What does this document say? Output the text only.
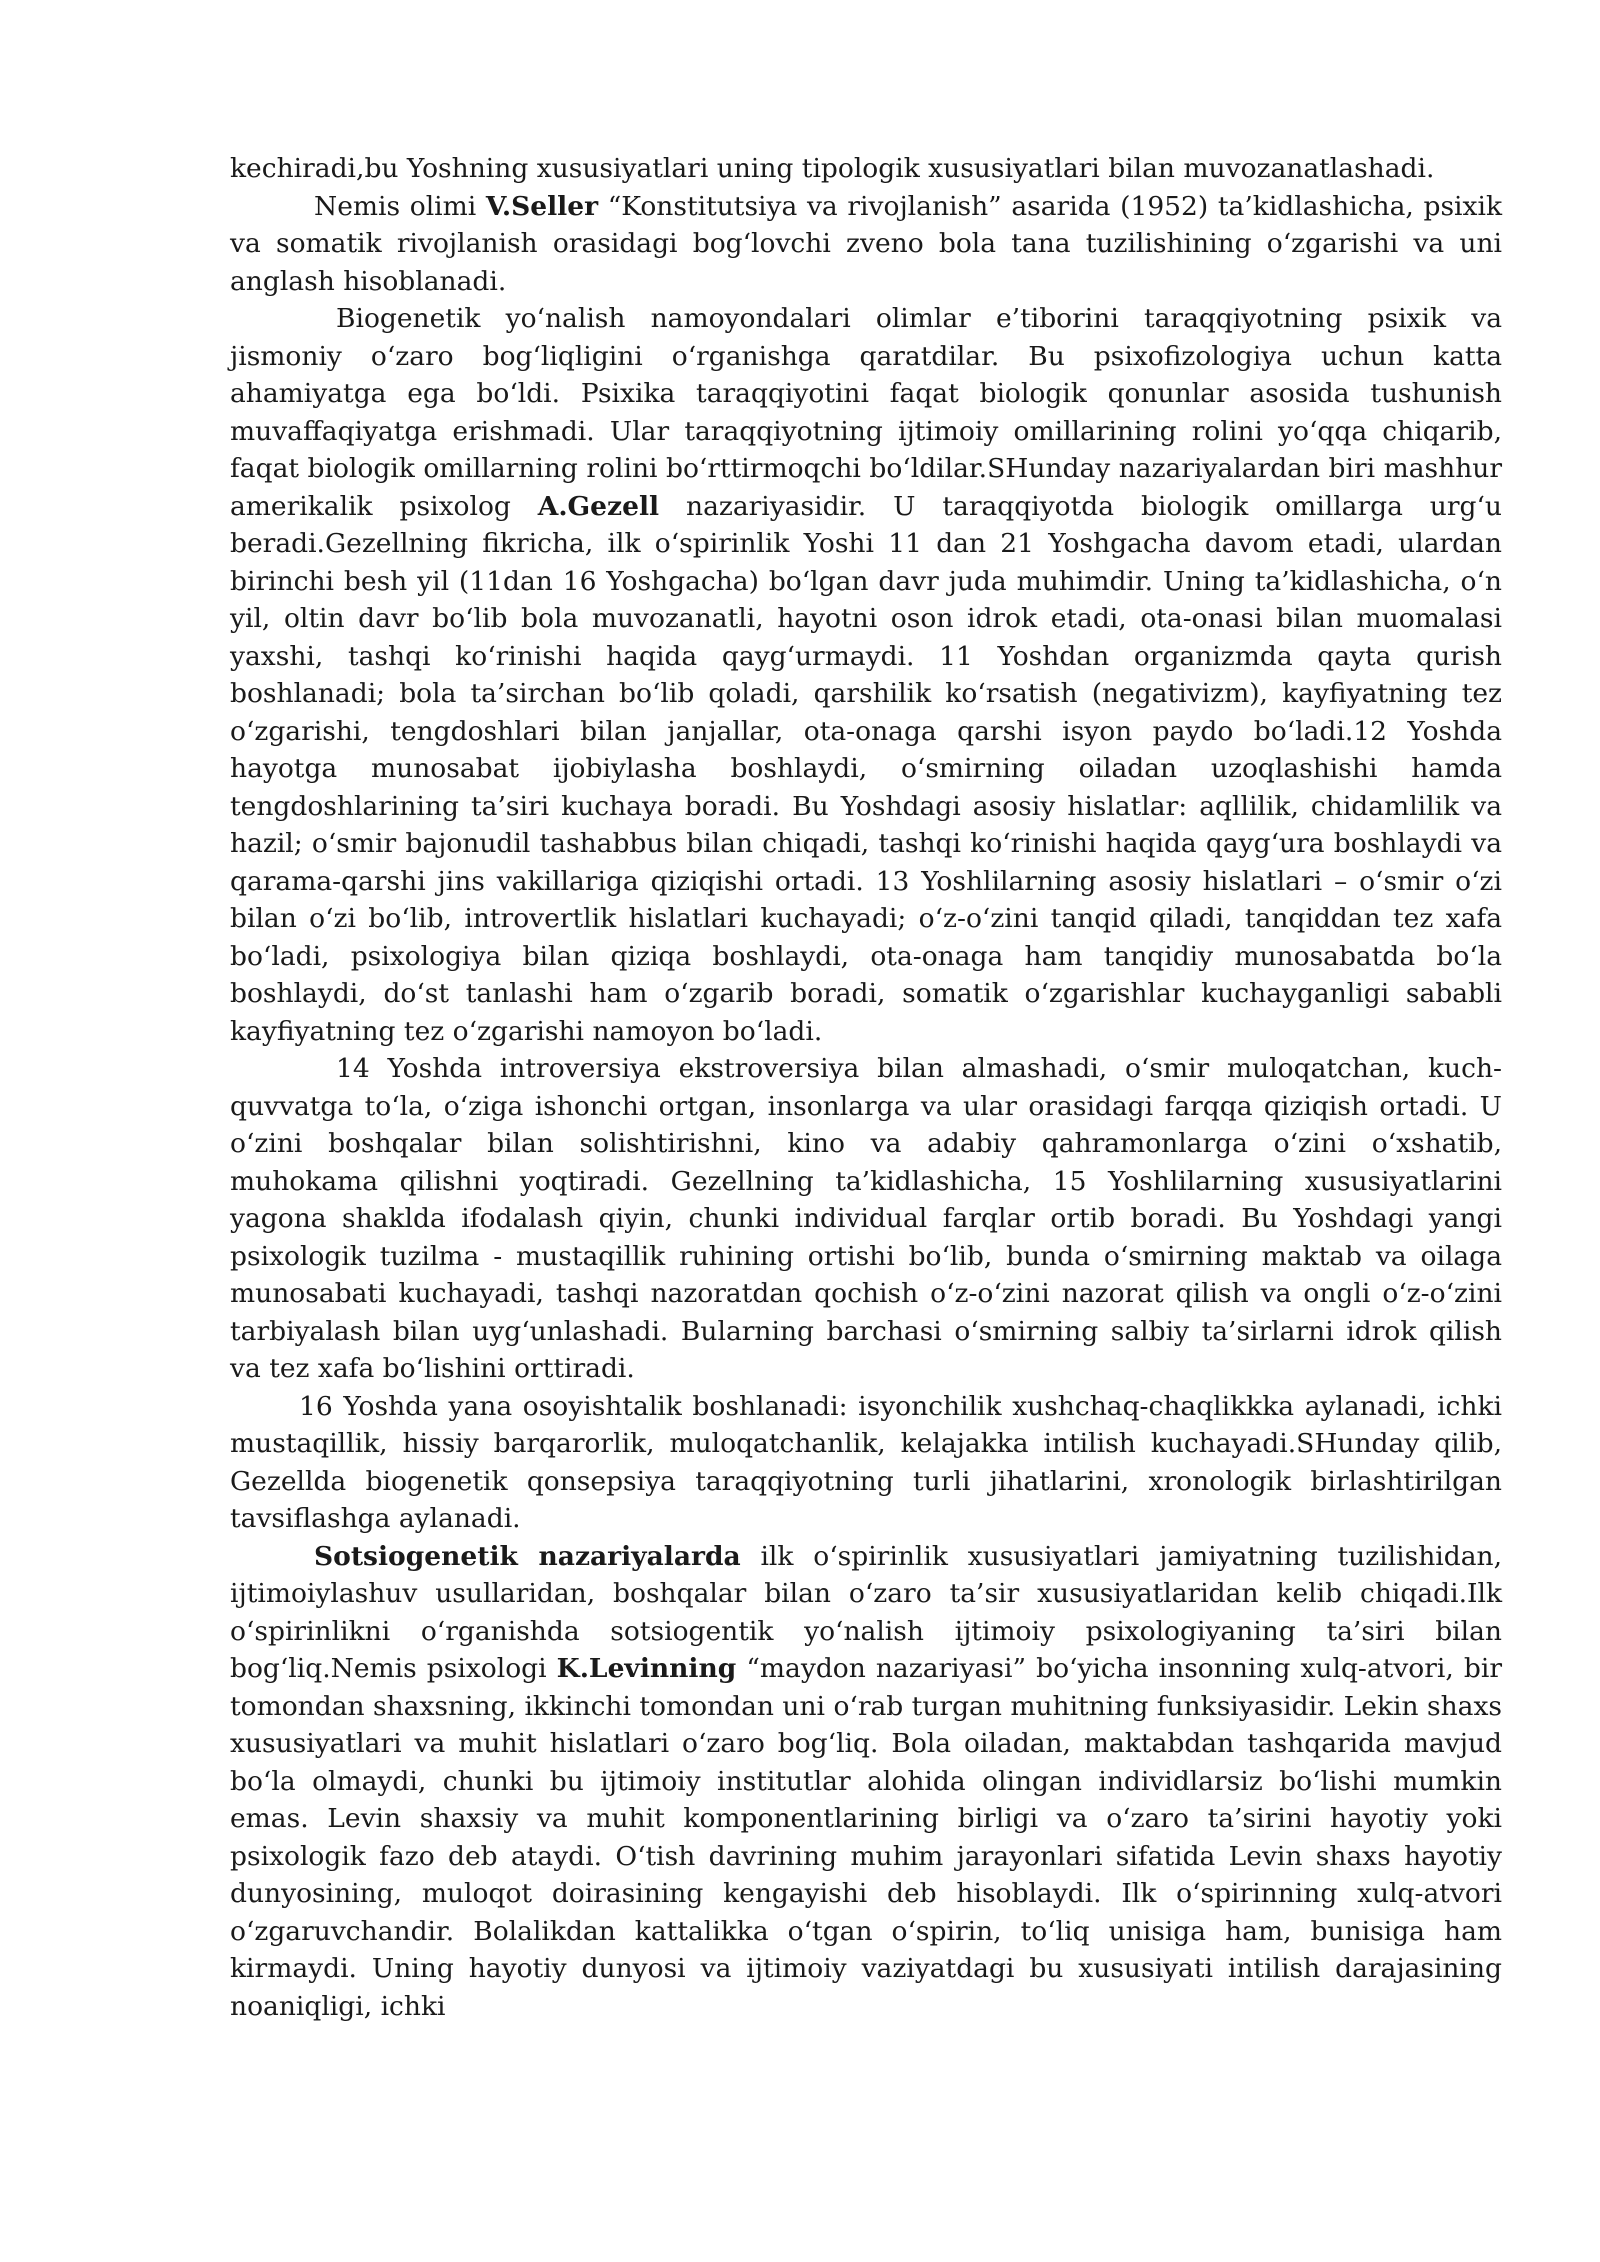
kechiradi,bu Yoshning xususiyatlari uning tipologik xususiyatlari bilan muvozanatlashadi.

Nemis olimi V.Seller “Konstitutsiya va rivojlanish” asarida (1952) ta’kidlashicha, psixik va somatik rivojlanish orasidagi bog‘lovchi zveno bola tana tuzilishining o‘zgarishi va uni anglash hisoblanadi.

Biogenetik yo‘nalish namoyondalari olimlar e’tiborini taraqqiyotning psixik va jismoniy o‘zaro bog‘liqligini o‘rganishga qaratdilar. Bu psixofizologiya uchun katta ahamiyatga ega bo‘ldi. Psixika taraqqiyotini faqat biologik qonunlar asosida tushunish muvaffaqiyatga erishmadi. Ular taraqqiyotning ijtimoiy omillarining rolini yo‘qqa chiqarib, faqat biologik omillarning rolini bo‘rttirmoqchi bo‘ldilar.SHunday nazariyalardan biri mashhur amerikalik psixolog A.Gezell nazariyasidir. U taraqqiyotda biologik omillarga urg‘u beradi.Gezellning fikricha, ilk o‘spirinlik Yoshi 11 dan 21 Yoshgacha davom etadi, ulardan birinchi besh yil (11dan 16 Yoshgacha) bo‘lgan davr juda muhimdir. Uning ta’kidlashicha, o‘n yil, oltin davr bo‘lib bola muvozanatli, hayotni oson idrok etadi, ota-onasi bilan muomalasi yaxshi, tashqi ko‘rinishi haqida qayg‘urmaydi. 11 Yoshdan organizmda qayta qurish boshlanadi; bola ta’sirchan bo‘lib qoladi, qarshilik ko‘rsatish (negativizm), kayfiyatning tez o‘zgarishi, tengdoshlari bilan janjallar, ota-onaga qarshi isyon paydo bo‘ladi.12 Yoshda hayotga munosabat ijobiylasha boshlaydi, o‘smirning oiladan uzoqlashishi hamda tengdoshlarining ta’siri kuchaya boradi. Bu Yoshdagi asosiy hislatlar: aqllilik, chidamlilik va hazil; o‘smir bajonudil tashabbus bilan chiqadi, tashqi ko‘rinishi haqida qayg‘ura boshlaydi va qarama-qarshi jins vakillariga qiziqishi ortadi. 13 Yoshlilarning asosiy hislatlari – o‘smir o‘zi bilan o‘zi bo‘lib, introvertlik hislatlari kuchayadi; o‘z-o‘zini tanqid qiladi, tanqiddan tez xafa bo‘ladi, psixologiya bilan qiziqa boshlaydi, ota-onaga ham tanqidiy munosabatda bo‘la boshlaydi, do‘st tanlashi ham o‘zgarib boradi, somatik o‘zgarishlar kuchayganligi sababli kayfiyatning tez o‘zgarishi namoyon bo‘ladi.

14 Yoshda introversiya ekstroversiya bilan almashadi, o‘smir muloqatchan, kuch-quvvatga to‘la, o‘ziga ishonchi ortgan, insonlarga va ular orasidagi farqqa qiziqish ortadi. U o‘zini boshqalar bilan solishtirishni, kino va adabiy qahramonlarga o‘zini o‘xshatib, muhokama qilishni yoqtiradi. Gezellning ta’kidlashicha, 15 Yoshlilarning xususiyatlarini yagona shaklda ifodalash qiyin, chunki individual farqlar ortib boradi. Bu Yoshdagi yangi psixologik tuzilma - mustaqillik ruhining ortishi bo‘lib, bunda o‘smirning maktab va oilaga munosabati kuchayadi, tashqi nazoratdan qochish o‘z-o‘zini nazorat qilish va ongli o‘z-o‘zini tarbiyalash bilan uyg‘unlashadi. Bularning barchasi o‘smirning salbiy ta’sirlarni idrok qilish va tez xafa bo‘lishini orttiradi.

16 Yoshda yana osoyishtalik boshlanadi: isyonchilik xushchaq-chaqlikkka aylanadi, ichki mustaqillik, hissiy barqarorlik, muloqatchanlik, kelajakka intilish kuchayadi.SHunday qilib, Gezellda biogenetik qonsepsiya taraqqiyotning turli jihatlarini, xronologik birlashtirilgan tavsiflashga aylanadi.

Sotsiogenetik nazariyalarda ilk o‘spirinlik xususiyatlari jamiyatning tuzilishidan, ijtimoiylashuv usullaridan, boshqalar bilan o‘zaro ta’sir xususiyatlaridan kelib chiqadi.Ilk o‘spirinlikni o‘rganishda sotsiogentik yo‘nalish ijtimoiy psixologiyaning ta’siri bilan bog‘liq.Nemis psixologi K.Levinning “maydon nazariyasi” bo‘yicha insonning xulq-atvori, bir tomondan shaxsning, ikkinchi tomondan uni o‘rab turgan muhitning funksiyasidir. Lekin shaxs xususiyatlari va muhit hislatlari o‘zaro bog‘liq. Bola oiladan, maktabdan tashqarida mavjud bo‘la olmaydi, chunki bu ijtimoiy institutlar alohida olingan individlarsiz bo‘lishi mumkin emas. Levin shaxsiy va muhit komponentlarining birligi va o‘zaro ta’sirini hayotiy yoki psixologik fazo deb ataydi. O‘tish davrining muhim jarayonlari sifatida Levin shaxs hayotiy dunyosining, muloqot doirasining kengayishi deb hisoblaydi. Ilk o‘spirinning xulq-atvori o‘zgaruvchandir. Bolalikdan kattalikka o‘tgan o‘spirin, to‘liq unisiga ham, bunisiga ham kirmaydi. Uning hayotiy dunyosi va ijtimoiy vaziyatdagi bu xususiyati intilish darajasining noaniqligi, ichki
